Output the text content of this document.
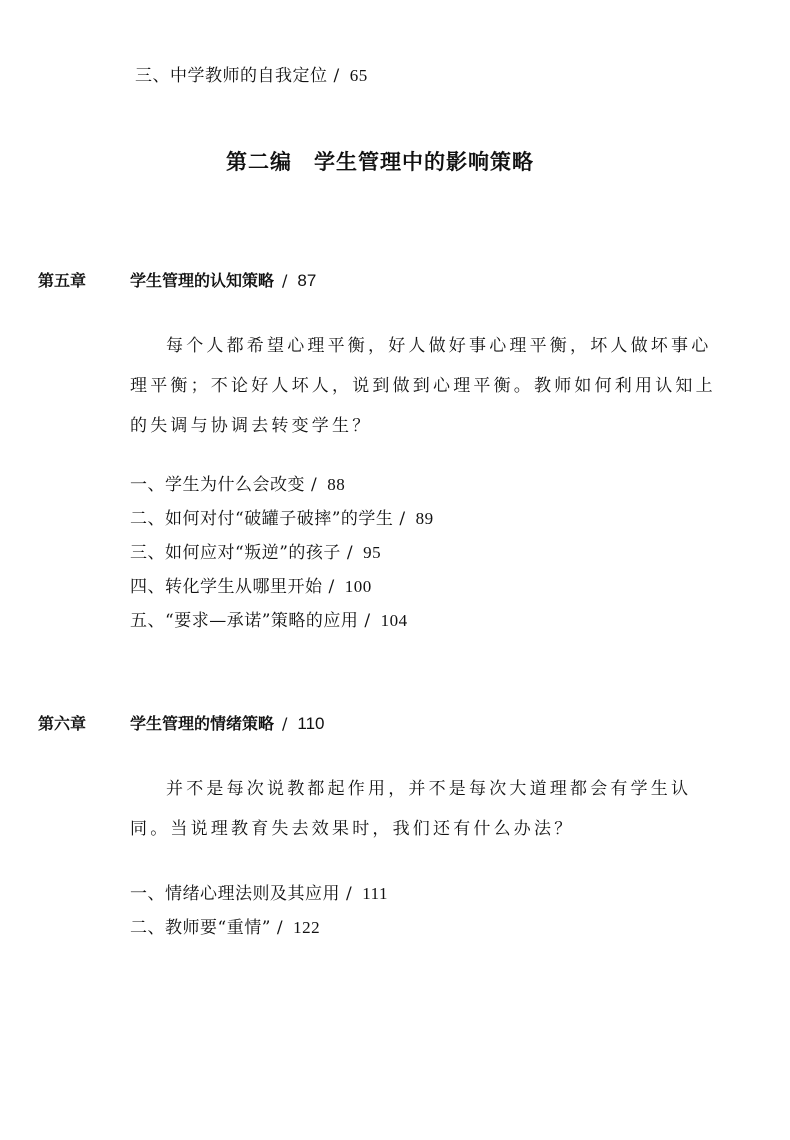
三、中学教师的自我定位 / 65
第二编 学生管理中的影响策略
第五章	学生管理的认知策略 / 87
每个人都希望心理平衡，好人做好事心理平衡，坏人做坏事心理平衡；不论好人坏人，说到做到心理平衡。教师如何利用认知上的失调与协调去转变学生？
一、学生为什么会改变 / 88
二、如何对付“破罐子破摔”的学生 / 89
三、如何应对“叛逆”的孩子 / 95
四、转化学生从哪里开始 / 100
五、“要求—承诺”策略的应用 / 104
第六章	学生管理的情绪策略 / 110
并不是每次说教都起作用，并不是每次大道理都会有学生认同。当说理教育失去效果时，我们还有什么办法？
一、情绪心理法则及其应用 / 111
二、教师要“重情” / 122
